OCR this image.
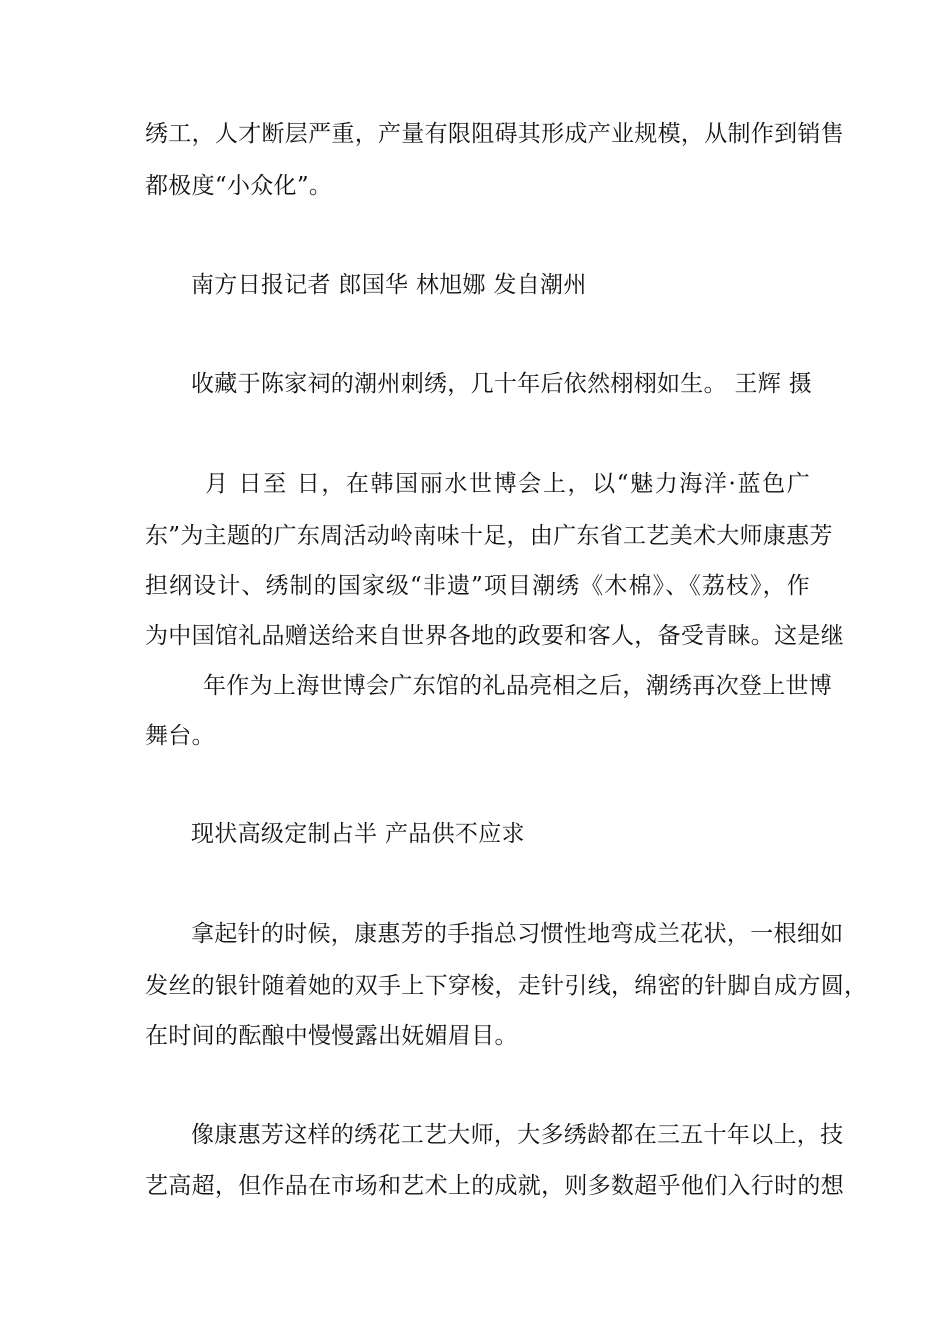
绣工，人才断层严重，产量有限阻碍其形成产业规模，从制作到销售
都极度“小众化”。
南方日报记者 郎国华 林旭娜 发自潮州
收藏于陈家祠的潮州刺绣，几十年后依然栩栩如生。 王辉 摄
月 日至 日，在韩国丽水世博会上，以“魅力海洋·蓝色广
东”为主题的广东周活动岭南味十足，由广东省工艺美术大师康惠芳
担纲设计、绣制的国家级“非遗”项目潮绣《木棉》、《荔枝》，作
为中国馆礼品赠送给来自世界各地的政要和客人，备受青睐。这是继
年作为上海世博会广东馆的礼品亮相之后，潮绣再次登上世博
舞台。
现状高级定制占半 产品供不应求
拿起针的时候，康惠芳的手指总习惯性地弯成兰花状，一根细如
发丝的银针随着她的双手上下穿梭，走针引线，绵密的针脚自成方圆，
在时间的酝酿中慢慢露出妩媚眉目。
像康惠芳这样的绣花工艺大师，大多绣龄都在三五十年以上，技
艺高超，但作品在市场和艺术上的成就，则多数超乎他们入行时的想
